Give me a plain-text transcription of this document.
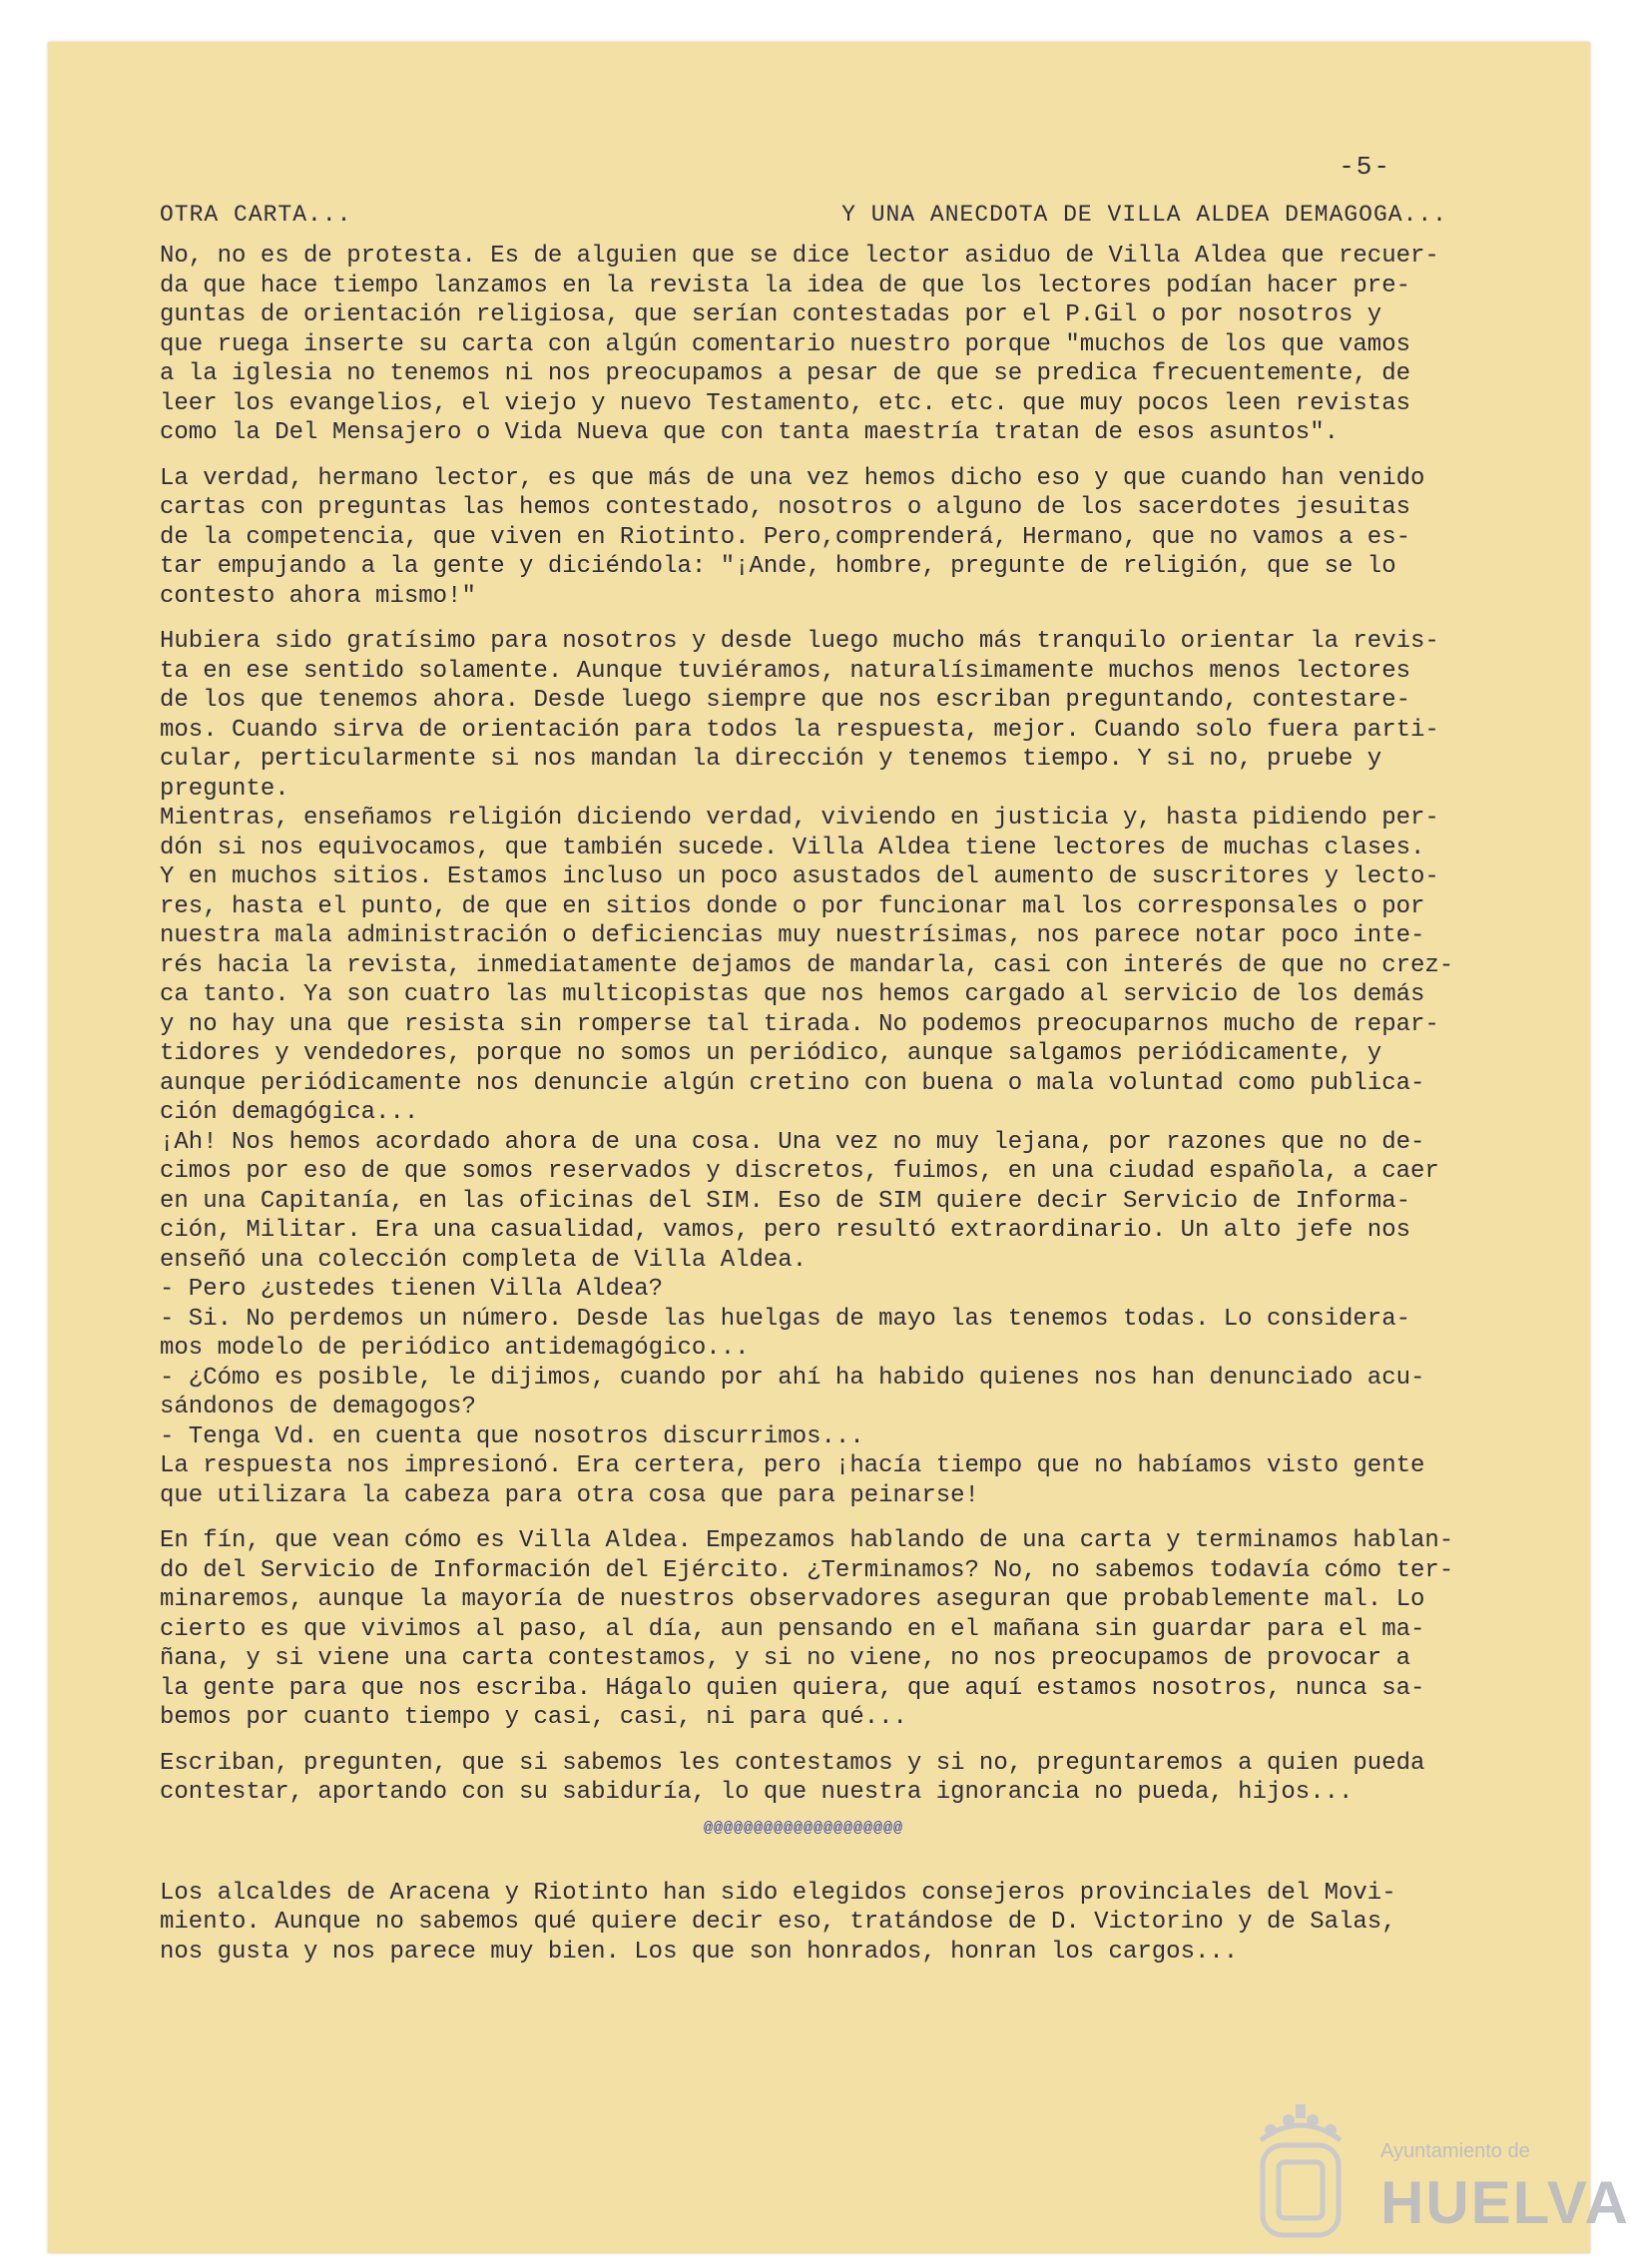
-5-
OTRA CARTA...	Y UNA ANECDOTA DE VILLA ALDEA DEMAGOGA...
No, no es de protesta. Es de alguien que se dice lector asiduo de Villa Aldea que recuer-
da que hace tiempo lanzamos en la revista la idea de que los lectores podían hacer pre-
guntas de orientación religiosa, que serían contestadas por el P.Gil o por nosotros y
que ruega inserte su carta con algún comentario nuestro porque "muchos de los que vamos
a la iglesia no tenemos ni nos preocupamos a pesar de que se predica frecuentemente, de
leer los evangelios, el viejo y nuevo Testamento, etc. etc. que muy pocos leen revistas
como la Del Mensajero o Vida Nueva que con tanta maestría tratan de esos asuntos".
La verdad, hermano lector, es que más de una vez hemos dicho eso y que cuando han venido
cartas con preguntas las hemos contestado, nosotros o alguno de los sacerdotes jesuitas
de la competencia, que viven en Riotinto. Pero,comprenderá, Hermano, que no vamos a es-
tar empujando a la gente y diciéndola: "¡Ande, hombre, pregunte de religión, que se lo
contesto ahora mismo!"
Hubiera sido gratísimo para nosotros y desde luego mucho más tranquilo orientar la revis-
ta en ese sentido solamente. Aunque tuviéramos, naturalísimamente muchos menos lectores
de los que tenemos ahora. Desde luego siempre que nos escriban preguntando, contestare-
mos. Cuando sirva de orientación para todos la respuesta, mejor. Cuando solo fuera parti-
cular, perticularmente si nos mandan la dirección y tenemos tiempo. Y si no, pruebe y
pregunte.
Mientras, enseñamos religión diciendo verdad, viviendo en justicia y, hasta pidiendo per-
dón si nos equivocamos, que también sucede. Villa Aldea tiene lectores de muchas clases.
Y en muchos sitios. Estamos incluso un poco asustados del aumento de suscritores y lecto-
res, hasta el punto, de que en sitios donde o por funcionar mal los corresponsales o por
nuestra mala administración o deficiencias muy nuestrísimas, nos parece notar poco inte-
rés hacia la revista, inmediatamente dejamos de mandarla, casi con interés de que no crez-
ca tanto. Ya son cuatro las multicopistas que nos hemos cargado al servicio de los demás
y no hay una que resista sin romperse tal tirada. No podemos preocuparnos mucho de repar-
tidores y vendedores, porque no somos un periódico, aunque salgamos periódicamente, y
aunque periódicamente nos denuncie algún cretino con buena o mala voluntad como publica-
ción demagógica...
¡Ah! Nos hemos acordado ahora de una cosa. Una vez no muy lejana, por razones que no de-
cimos por eso de que somos reservados y discretos, fuimos, en una ciudad española, a caer
en una Capitanía, en las oficinas del SIM. Eso de SIM quiere decir Servicio de Informa-
ción, Militar. Era una casualidad, vamos, pero resultó extraordinario. Un alto jefe nos
enseñó una colección completa de Villa Aldea.
- Pero ¿ustedes tienen Villa Aldea?
- Si. No perdemos un número. Desde las huelgas de mayo las tenemos todas. Lo considera-
mos modelo de periódico antidemagógico...
- ¿Cómo es posible, le dijimos, cuando por ahí ha habido quienes nos han denunciado acu-
sándonos de demagogos?
- Tenga Vd. en cuenta que nosotros discurrimos...
La respuesta nos impresionó. Era certera, pero ¡hacía tiempo que no habíamos visto gente
que utilizara la cabeza para otra cosa que para peinarse!
En fín, que vean cómo es Villa Aldea. Empezamos hablando de una carta y terminamos hablan-
do del Servicio de Información del Ejército. ¿Terminamos? No, no sabemos todavía cómo ter-
minaremos, aunque la mayoría de nuestros observadores aseguran que probablemente mal. Lo
cierto es que vivimos al paso, al día, aun pensando en el mañana sin guardar para el ma-
ñana, y si viene una carta contestamos, y si no viene, no nos preocupamos de provocar a
la gente para que nos escriba. Hágalo quien quiera, que aquí estamos nosotros, nunca sa-
bemos por cuanto tiempo y casi, casi, ni para qué...
Escriban, pregunten, que si sabemos les contestamos y si no, preguntaremos a quien pueda
contestar, aportando con su sabiduría, lo que nuestra ignorancia no pueda, hijos...
@@@@@@@@@@@@@@@@@@@@
Los alcaldes de Aracena y Riotinto han sido elegidos consejeros provinciales del Movi-
miento. Aunque no sabemos qué quiere decir eso, tratándose de D. Victorino y de Salas,
nos gusta y nos parece muy bien. Los que son honrados, honran los cargos...
Ayuntamiento de
HUELVA
